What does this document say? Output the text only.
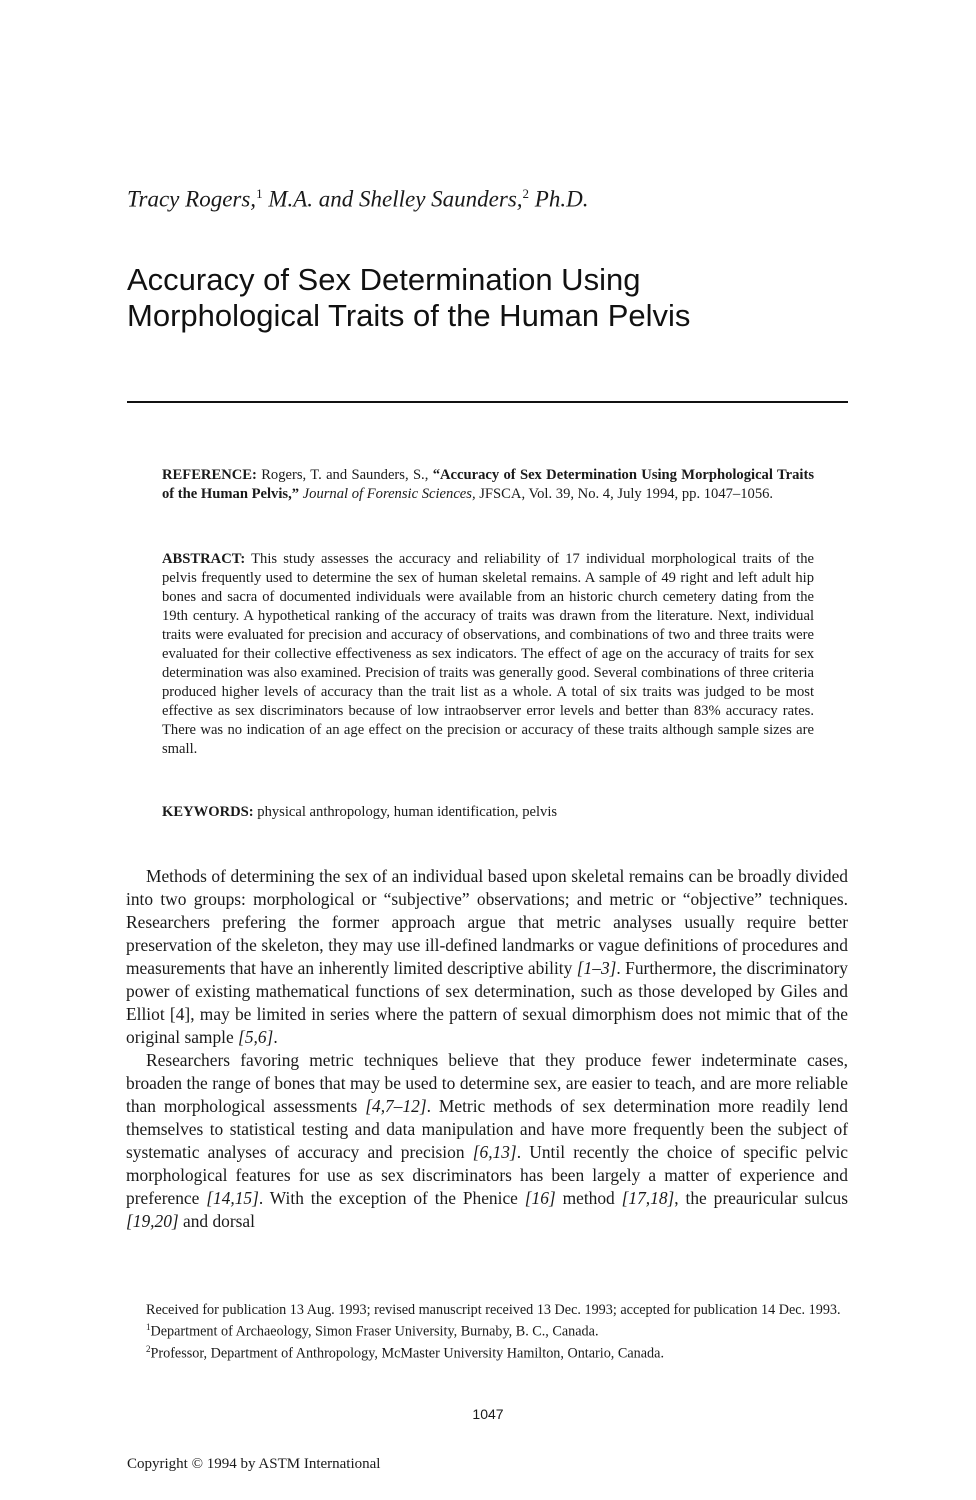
Tracy Rogers,$^1$ M.A. and Shelley Saunders,$^2$ Ph.D.
Accuracy of Sex Determination Using
Morphological Traits of the Human Pelvis
REFERENCE: Rogers, T. and Saunders, S., “Accuracy of Sex Determination Using Morphological Traits of the Human Pelvis,” Journal of Forensic Sciences, JFSCA, Vol. 39, No. 4, July 1994, pp. 1047–1056.
ABSTRACT: This study assesses the accuracy and reliability of 17 individual morphological traits of the pelvis frequently used to determine the sex of human skeletal remains. A sample of 49 right and left adult hip bones and sacra of documented individuals were available from an historic church cemetery dating from the 19th century. A hypothetical ranking of the accuracy of traits was drawn from the literature. Next, individual traits were evaluated for precision and accuracy of observations, and combinations of two and three traits were evaluated for their collective effectiveness as sex indicators. The effect of age on the accuracy of traits for sex determination was also examined. Precision of traits was generally good. Several combinations of three criteria produced higher levels of accuracy than the trait list as a whole. A total of six traits was judged to be most effective as sex discriminators because of low intraobserver error levels and better than 83% accuracy rates. There was no indication of an age effect on the precision or accuracy of these traits although sample sizes are small.
KEYWORDS: physical anthropology, human identification, pelvis

Methods of determining the sex of an individual based upon skeletal remains can be broadly divided into two groups: morphological or “subjective” observations; and metric or “objective” techniques. Researchers prefering the former approach argue that metric analyses usually require better preservation of the skeleton, they may use ill-defined landmarks or vague definitions of procedures and measurements that have an inherently limited descriptive ability [1–3]. Furthermore, the discriminatory power of existing mathematical functions of sex determination, such as those developed by Giles and Elliot [4], may be limited in series where the pattern of sexual dimorphism does not mimic that of the original sample [5,6].

Researchers favoring metric techniques believe that they produce fewer indeterminate cases, broaden the range of bones that may be used to determine sex, are easier to teach, and are more reliable than morphological assessments [4,7–12]. Metric methods of sex determination more readily lend themselves to statistical testing and data manipulation and have more frequently been the subject of systematic analyses of accuracy and precision [6,13]. Until recently the choice of specific pelvic morphological features for use as sex discriminators has been largely a matter of experience and preference [14,15]. With the exception of the Phenice [16] method [17,18], the preauricular sulcus [19,20] and dorsal

Received for publication 13 Aug. 1993; revised manuscript received 13 Dec. 1993; accepted for publication 14 Dec. 1993.

$^1$Department of Archaeology, Simon Fraser University, Burnaby, B. C., Canada.

$^2$Professor, Department of Anthropology, McMaster University Hamilton, Ontario, Canada.

1047
Copyright © 1994 by ASTM International
